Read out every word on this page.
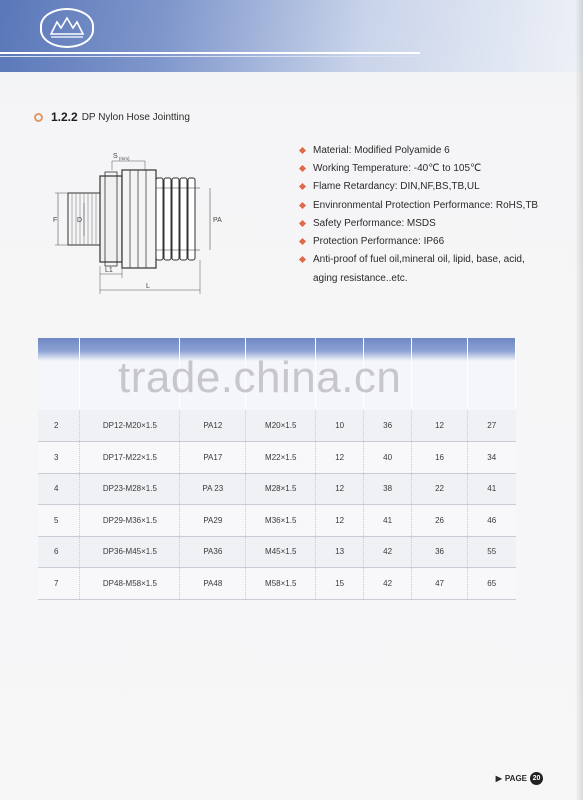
1.2.2 DP Nylon Hose Jointting
S (mm)
F	D	PA
L1
L
Material: Modified Polyamide 6
Working Temperature: -40℃ to 105℃
Flame Retardancy: DIN,NF,BS,TB,UL
Envinronmental Protection Performance: RoHS,TB
Safety Performance: MSDS
Protection Performance: IP66
Anti-proof of fuel oil,mineral oil, lipid, base, acid,
aging resistance..etc.

2	DP12-M20×1.5	PA12	M20×1.5	10	36	12	27
3	DP17-M22×1.5	PA17	M22×1.5	12	40	16	34
4	DP23-M28×1.5	PA 23	M28×1.5	12	38	22	41
5	DP29-M36×1.5	PA29	M36×1.5	12	41	26	46
6	DP36-M45×1.5	PA36	M45×1.5	13	42	36	55
7	DP48-M58×1.5	PA48	M58×1.5	15	42	47	65
trade.china.cn
▶ PAGE 20
